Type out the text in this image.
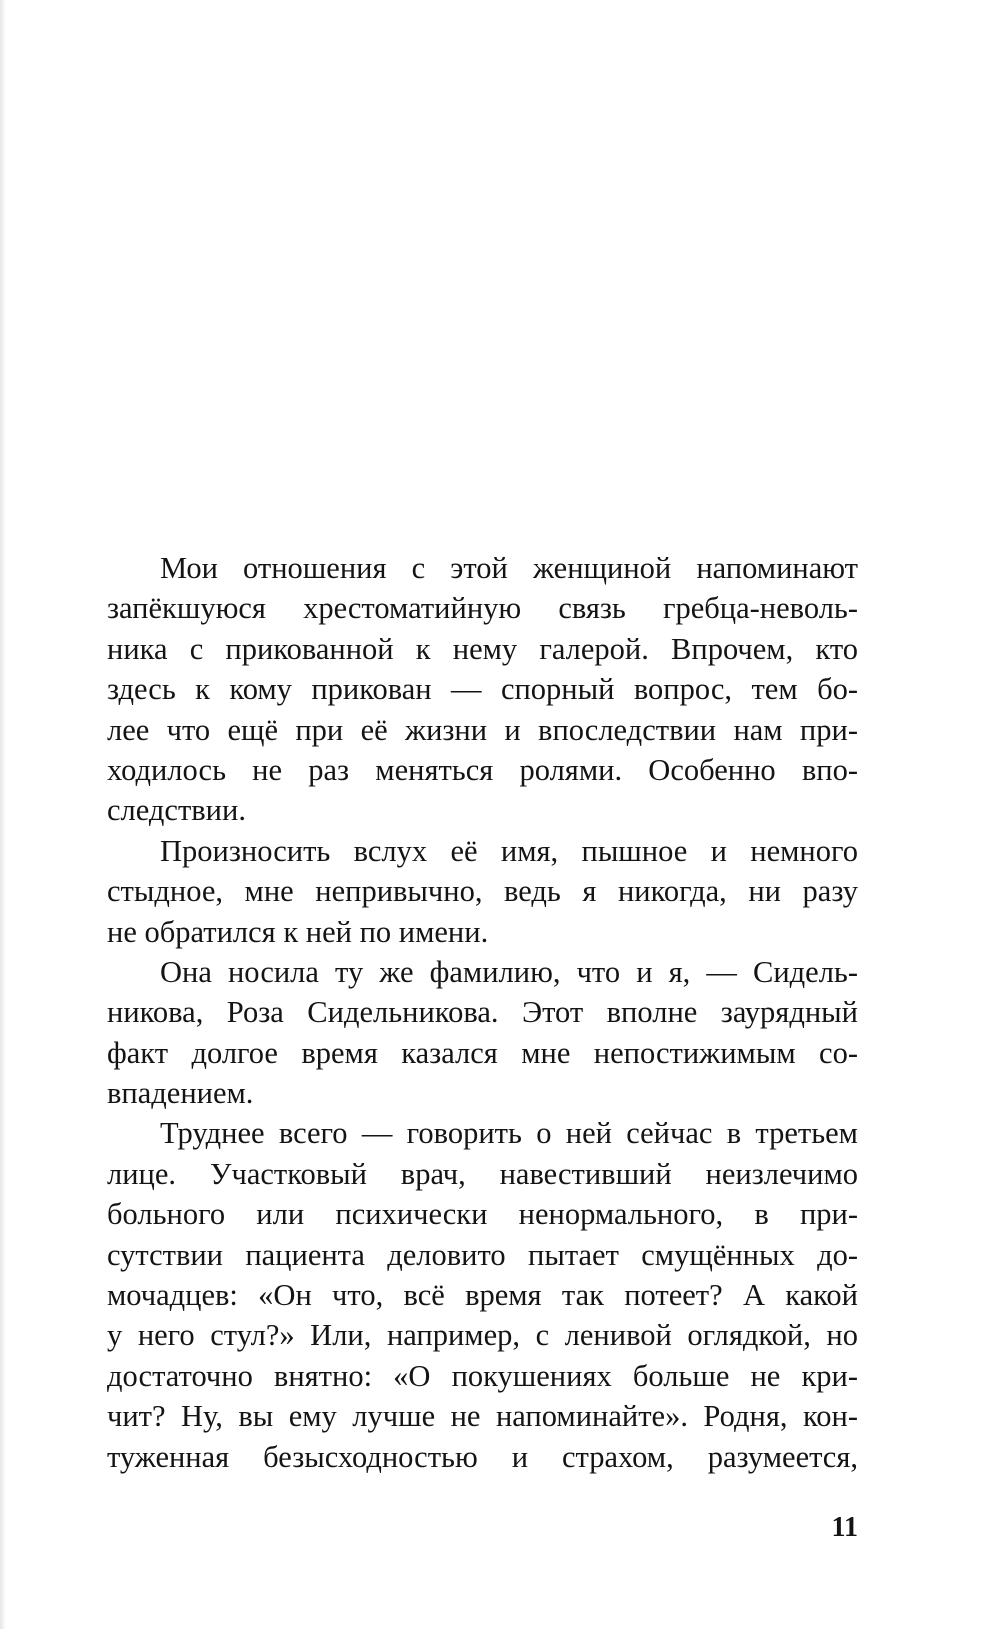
Мои отношения с этой женщиной напоминают
запёкшуюся хрестоматийную связь гребца-неволь-
ника с прикованной к нему галерой. Впрочем, кто
здесь к кому прикован — спорный вопрос, тем бо-
лее что ещё при её жизни и впоследствии нам при-
ходилось не раз меняться ролями. Особенно впо-
следствии.
Произносить вслух её имя, пышное и немного
стыдное, мне непривычно, ведь я никогда, ни разу
не обратился к ней по имени.
Она носила ту же фамилию, что и я, — Сидель-
никова, Роза Сидельникова. Этот вполне заурядный
факт долгое время казался мне непостижимым со-
впадением.
Труднее всего — говорить о ней сейчас в третьем
лице. Участковый врач, навестивший неизлечимо
больного или психически ненормального, в при-
сутствии пациента деловито пытает смущённых до-
мочадцев: «Он что, всё время так потеет? А какой
у него стул?» Или, например, с ленивой оглядкой, но
достаточно внятно: «О покушениях больше не кри-
чит? Ну, вы ему лучше не напоминайте». Родня, кон-
туженная безысходностью и страхом, разумеется,
11
